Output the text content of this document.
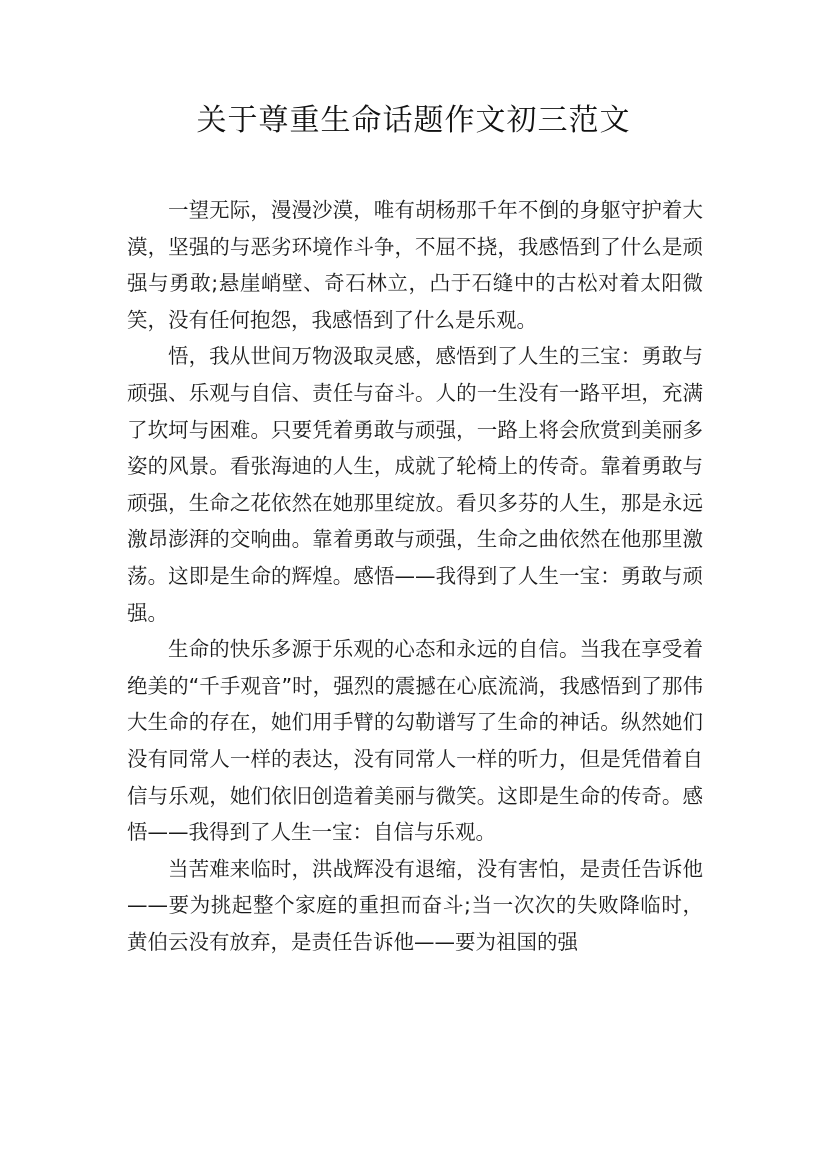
关于尊重生命话题作文初三范文

一望无际，漫漫沙漠，唯有胡杨那千年不倒的身躯守护着大漠，坚强的与恶劣环境作斗争，不屈不挠，我感悟到了什么是顽强与勇敢;悬崖峭壁、奇石林立，凸于石缝中的古松对着太阳微笑，没有任何抱怨，我感悟到了什么是乐观。

悟，我从世间万物汲取灵感，感悟到了人生的三宝：勇敢与顽强、乐观与自信、责任与奋斗。人的一生没有一路平坦，充满了坎坷与困难。只要凭着勇敢与顽强，一路上将会欣赏到美丽多姿的风景。看张海迪的人生，成就了轮椅上的传奇。靠着勇敢与顽强，生命之花依然在她那里绽放。看贝多芬的人生，那是永远激昂澎湃的交响曲。靠着勇敢与顽强，生命之曲依然在他那里激荡。这即是生命的辉煌。感悟——我得到了人生一宝：勇敢与顽强。

生命的快乐多源于乐观的心态和永远的自信。当我在享受着绝美的“千手观音”时，强烈的震撼在心底流淌，我感悟到了那伟大生命的存在，她们用手臂的勾勒谱写了生命的神话。纵然她们没有同常人一样的表达，没有同常人一样的听力，但是凭借着自信与乐观，她们依旧创造着美丽与微笑。这即是生命的传奇。感悟——我得到了人生一宝：自信与乐观。

当苦难来临时，洪战辉没有退缩，没有害怕，是责任告诉他——要为挑起整个家庭的重担而奋斗;当一次次的失败降临时，黄伯云没有放弃，是责任告诉他——要为祖国的强
